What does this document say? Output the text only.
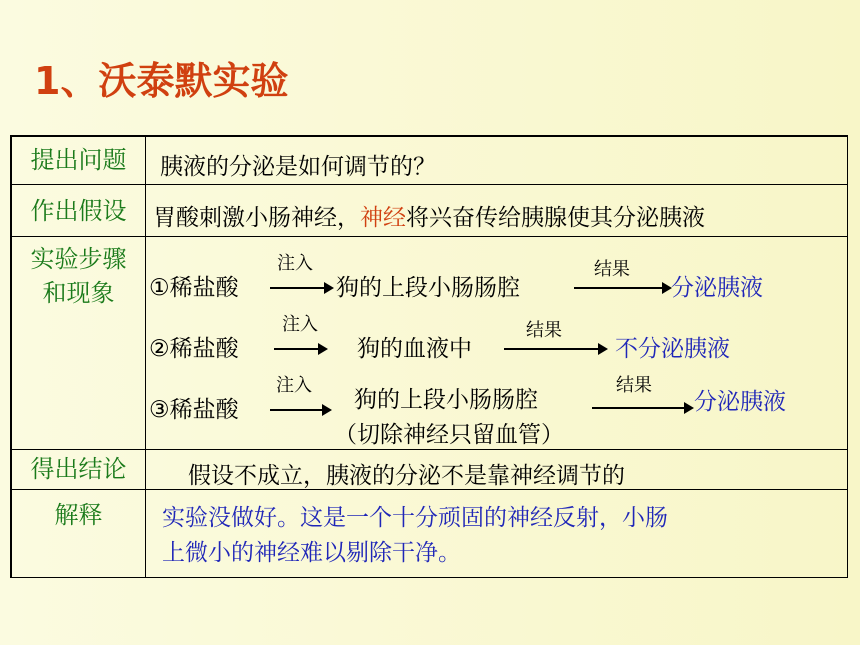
1、沃泰默实验
提出问题	胰液的分泌是如何调节的？
作出假设	胃酸刺激小肠神经，神经将兴奋传给胰腺使其分泌胰液
实验步骤
和现象	①稀盐酸
注入
狗的上段小肠肠腔
结果
分泌胰液
②稀盐酸
注入
狗的血液中
结果
不分泌胰液
③稀盐酸
注入
狗的上段小肠肠腔
（切除神经只留血管）
结果
分泌胰液
得出结论	假设不成立，胰液的分泌不是靠神经调节的
解释	实验没做好。这是一个十分顽固的神经反射，小肠
上微小的神经难以剔除干净。
